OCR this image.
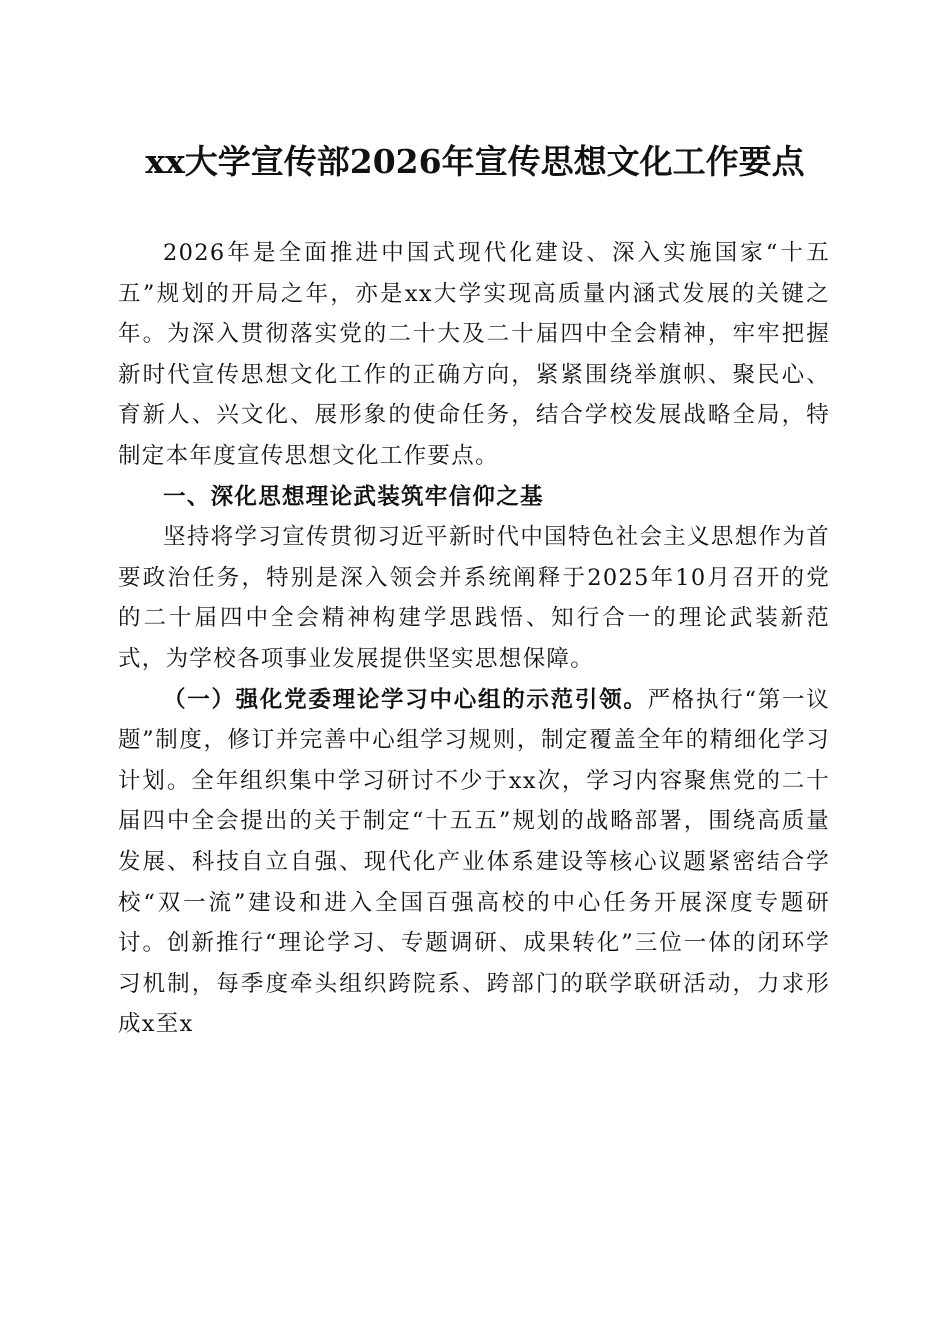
xx大学宣传部2026年宣传思想文化工作要点

2026年是全面推进中国式现代化建设、深入实施国家“十五五”规划的开局之年，亦是xx大学实现高质量内涵式发展的关键之年。为深入贯彻落实党的二十大及二十届四中全会精神，牢牢把握新时代宣传思想文化工作的正确方向，紧紧围绕举旗帜、聚民心、育新人、兴文化、展形象的使命任务，结合学校发展战略全局，特制定本年度宣传思想文化工作要点。

一、深化思想理论武装筑牢信仰之基

坚持将学习宣传贯彻习近平新时代中国特色社会主义思想作为首要政治任务，特别是深入领会并系统阐释于2025年10月召开的党的二十届四中全会精神构建学思践悟、知行合一的理论武装新范式，为学校各项事业发展提供坚实思想保障。

（一）强化党委理论学习中心组的示范引领。严格执行“第一议题”制度，修订并完善中心组学习规则，制定覆盖全年的精细化学习计划。全年组织集中学习研讨不少于xx次，学习内容聚焦党的二十届四中全会提出的关于制定“十五五”规划的战略部署，围绕高质量发展、科技自立自强、现代化产业体系建设等核心议题紧密结合学校“双一流”建设和进入全国百强高校的中心任务开展深度专题研讨。创新推行“理论学习、专题调研、成果转化”三位一体的闭环学习机制，每季度牵头组织跨院系、跨部门的联学联研活动，力求形成x至x
